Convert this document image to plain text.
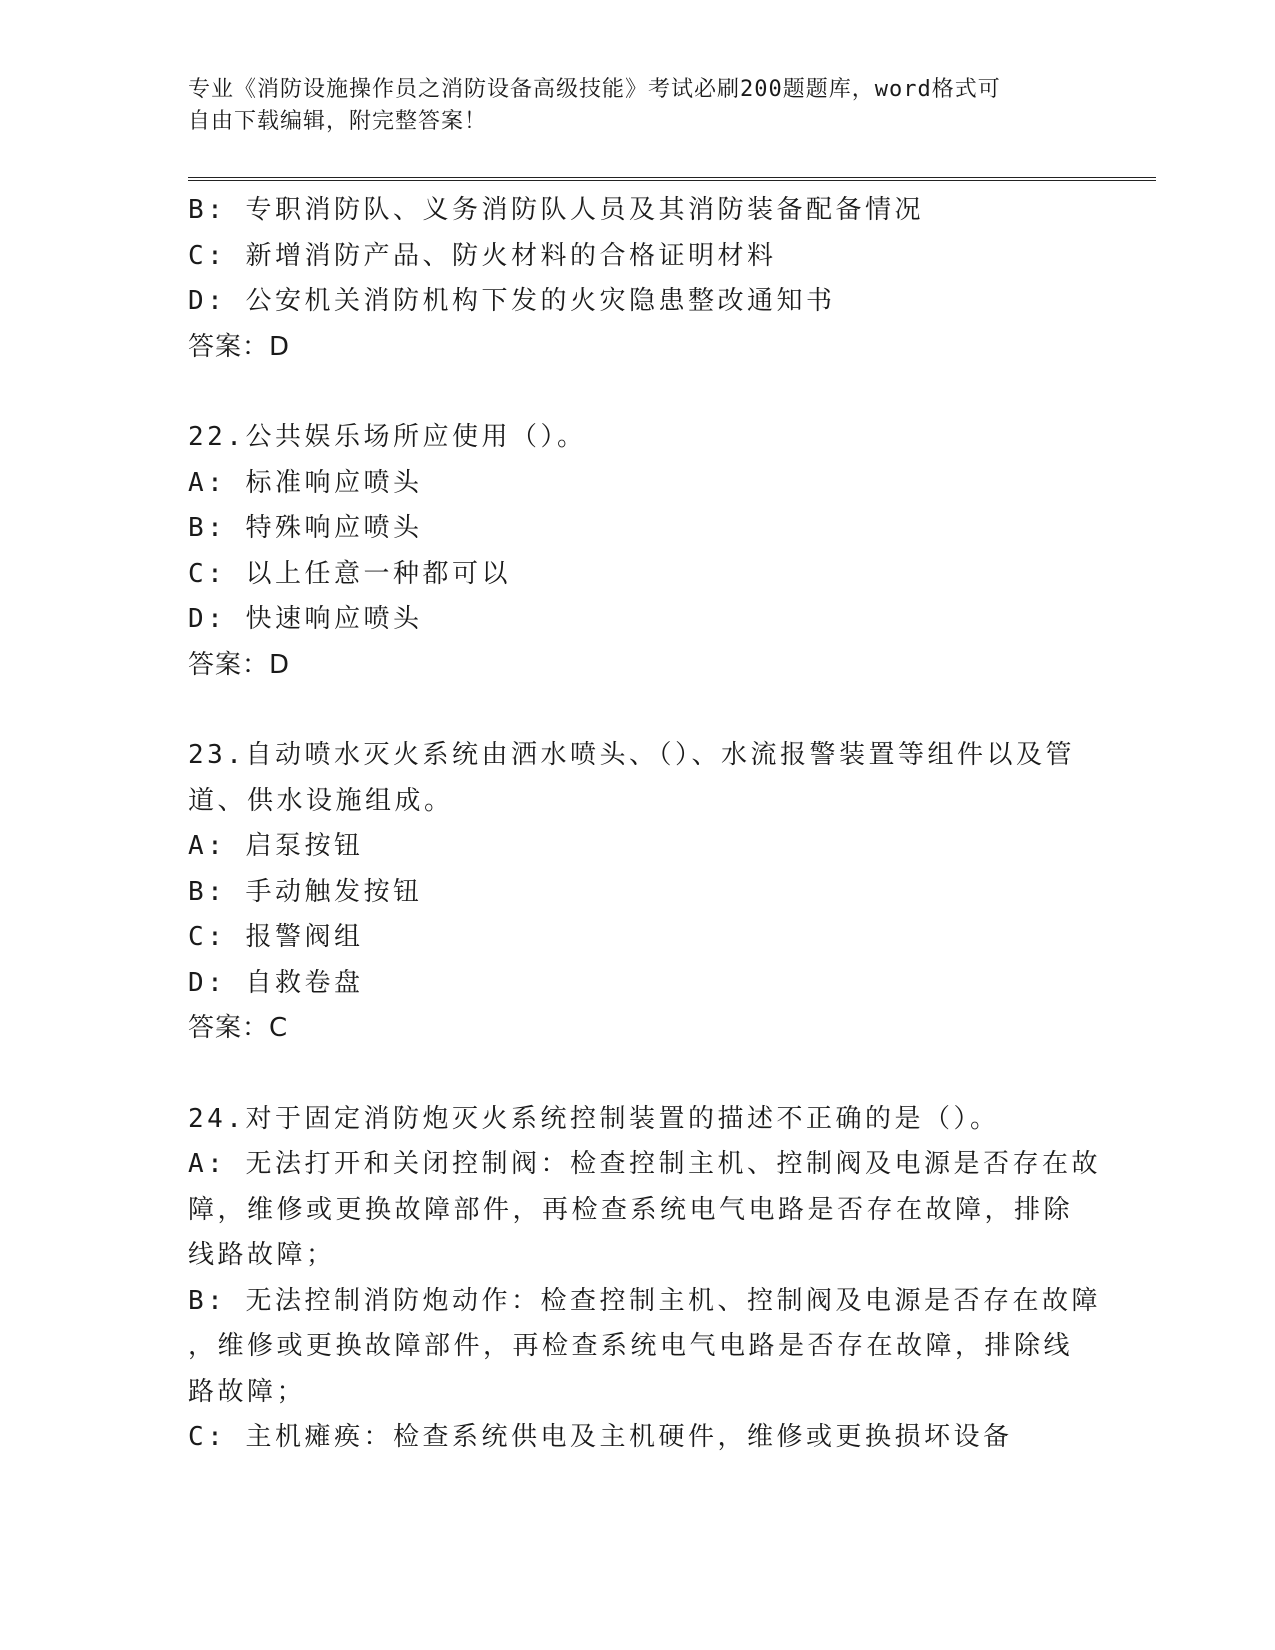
专业《消防设施操作员之消防设备高级技能》考试必刷200题题库，word格式可
自由下载编辑，附完整答案！
B: 专职消防队、义务消防队人员及其消防装备配备情况
C: 新增消防产品、防火材料的合格证明材料
D: 公安机关消防机构下发的火灾隐患整改通知书
答案：D
22.公共娱乐场所应使用（）。
A: 标准响应喷头
B: 特殊响应喷头
C: 以上任意一种都可以
D: 快速响应喷头
答案：D
23.自动喷水灭火系统由洒水喷头、（）、水流报警装置等组件以及管
道、供水设施组成。
A: 启泵按钮
B: 手动触发按钮
C: 报警阀组
D: 自救卷盘
答案：C
24.对于固定消防炮灭火系统控制装置的描述不正确的是（）。
A: 无法打开和关闭控制阀：检查控制主机、控制阀及电源是否存在故
障，维修或更换故障部件，再检查系统电气电路是否存在故障，排除
线路故障；
B: 无法控制消防炮动作：检查控制主机、控制阀及电源是否存在故障
，维修或更换故障部件，再检查系统电气电路是否存在故障，排除线
路故障；
C: 主机瘫痪：检查系统供电及主机硬件，维修或更换损坏设备
